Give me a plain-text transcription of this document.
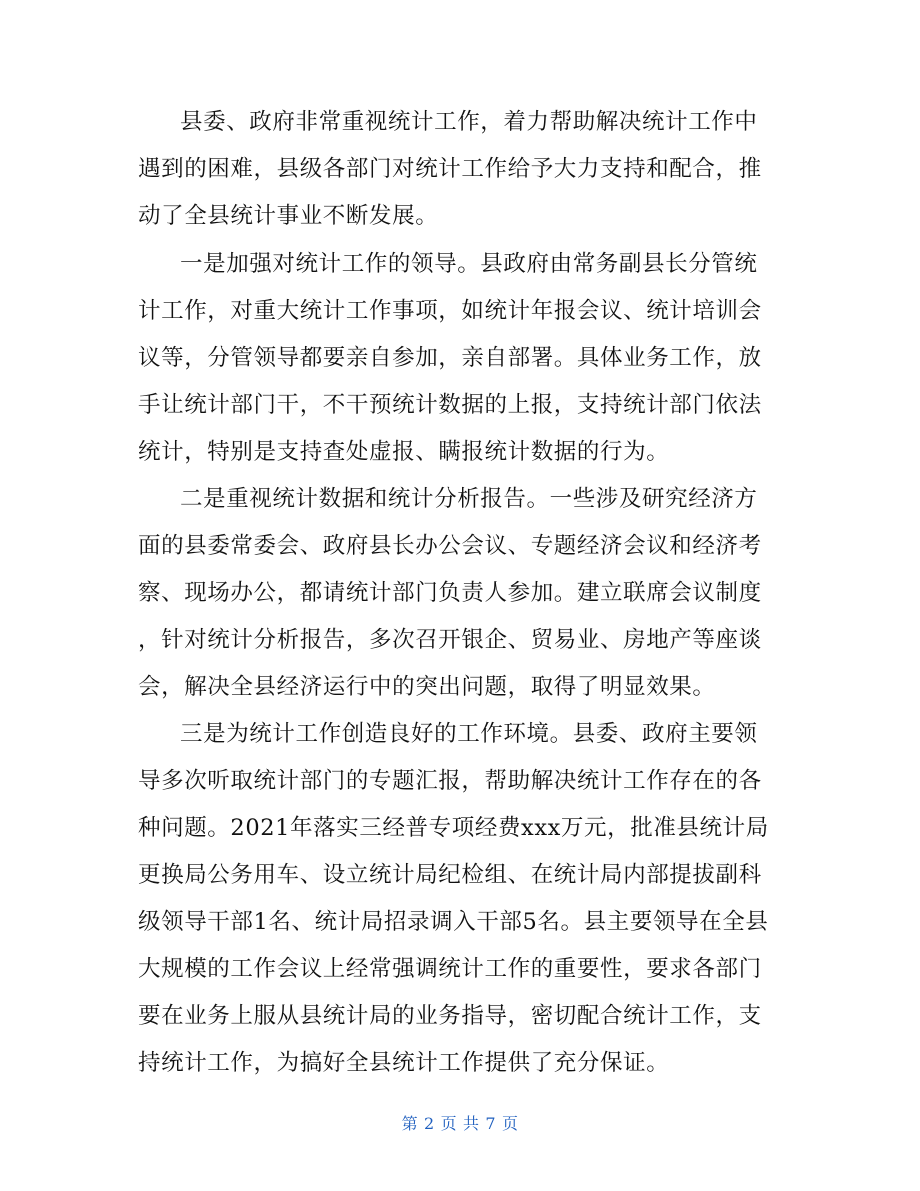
县委、政府非常重视统计工作，着力帮助解决统计工作中
遇到的困难，县级各部门对统计工作给予大力支持和配合，推
动了全县统计事业不断发展。
一是加强对统计工作的领导。县政府由常务副县长分管统
计工作，对重大统计工作事项，如统计年报会议、统计培训会
议等，分管领导都要亲自参加，亲自部署。具体业务工作，放
手让统计部门干，不干预统计数据的上报，支持统计部门依法
统计，特别是支持查处虚报、瞒报统计数据的行为。
二是重视统计数据和统计分析报告。一些涉及研究经济方
面的县委常委会、政府县长办公会议、专题经济会议和经济考
察、现场办公，都请统计部门负责人参加。建立联席会议制度
，针对统计分析报告，多次召开银企、贸易业、房地产等座谈
会，解决全县经济运行中的突出问题，取得了明显效果。
三是为统计工作创造良好的工作环境。县委、政府主要领
导多次听取统计部门的专题汇报，帮助解决统计工作存在的各
种问题。2021年落实三经普专项经费xxx万元，批准县统计局
更换局公务用车、设立统计局纪检组、在统计局内部提拔副科
级领导干部1名、统计局招录调入干部5名。县主要领导在全县
大规模的工作会议上经常强调统计工作的重要性，要求各部门
要在业务上服从县统计局的业务指导，密切配合统计工作，支
持统计工作，为搞好全县统计工作提供了充分保证。
第 2 页 共 7 页
